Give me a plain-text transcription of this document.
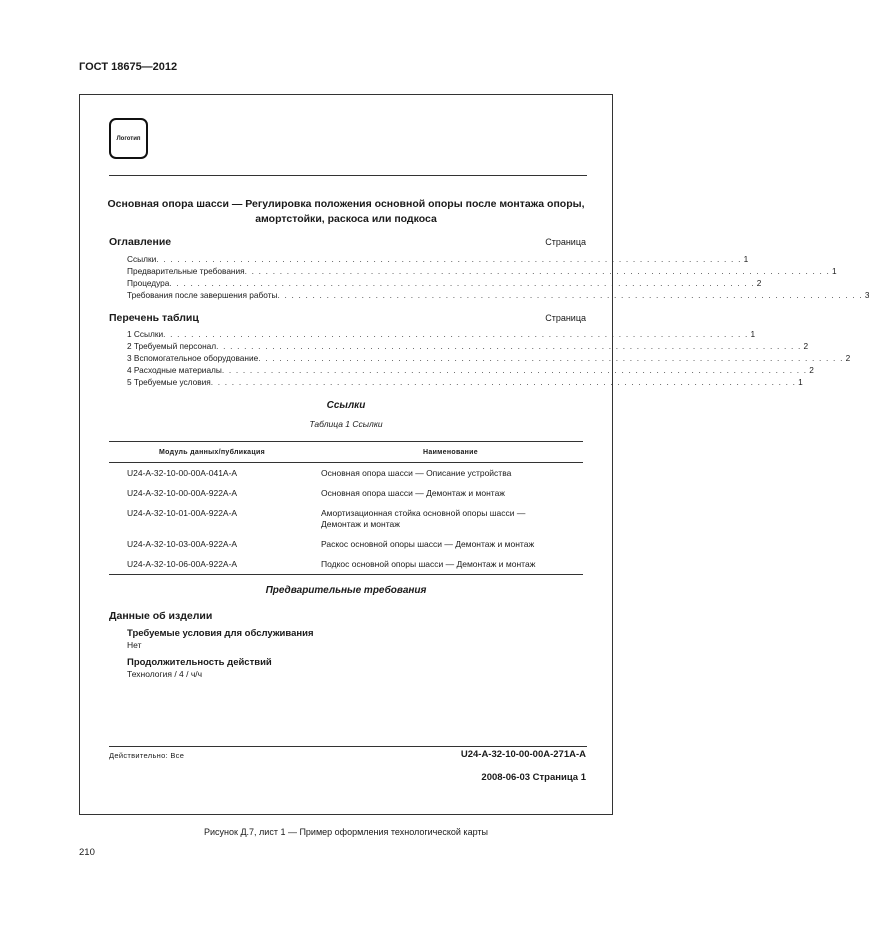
ГОСТ 18675—2012
Логотип
Основная опора шасси — Регулировка положения основной опоры после монтажа опоры,
амортстойки, раскоса или подкоса
Оглавление	Страница
Ссылки . . . . . . . . . . . . . . . . . . . . . . . . . . . . . . . . . . . . . . . . . . . . . . . . . . . . . . . . . . . . . . . . . . . . . . . . . . . . . . . . . . . . 1
Предварительные требования . . . . . . . . . . . . . . . . . . . . . . . . . . . . . . . . . . . . . . . . . . . . . . . . . . . . . . . . . . . . . . . . . . . . . . . . . . . . . . . . . . . . 1
Процедура . . . . . . . . . . . . . . . . . . . . . . . . . . . . . . . . . . . . . . . . . . . . . . . . . . . . . . . . . . . . . . . . . . . . . . . . . . . . . . . . . . . . 2
Требования после завершения работы . . . . . . . . . . . . . . . . . . . . . . . . . . . . . . . . . . . . . . . . . . . . . . . . . . . . . . . . . . . . . . . . . . . . . . . . . . . . . . . . . . . . 3
Перечень таблиц	Страница
1 Ссылки . . . . . . . . . . . . . . . . . . . . . . . . . . . . . . . . . . . . . . . . . . . . . . . . . . . . . . . . . . . . . . . . . . . . . . . . . . . . . . . . . . . . 1
2 Требуемый персонал . . . . . . . . . . . . . . . . . . . . . . . . . . . . . . . . . . . . . . . . . . . . . . . . . . . . . . . . . . . . . . . . . . . . . . . . . . . . . . . . . . . . 2
3 Вспомогательное оборудование . . . . . . . . . . . . . . . . . . . . . . . . . . . . . . . . . . . . . . . . . . . . . . . . . . . . . . . . . . . . . . . . . . . . . . . . . . . . . . . . . . . . 2
4 Расходные материалы . . . . . . . . . . . . . . . . . . . . . . . . . . . . . . . . . . . . . . . . . . . . . . . . . . . . . . . . . . . . . . . . . . . . . . . . . . . . . . . . . . . . 2
5 Требуемые условия . . . . . . . . . . . . . . . . . . . . . . . . . . . . . . . . . . . . . . . . . . . . . . . . . . . . . . . . . . . . . . . . . . . . . . . . . . . . . . . . . . . . 1
Ссылки
Таблица 1 Ссылки
Модуль данных/публикация	Наименование
U24-A-32-10-00-00A-041A-A	Основная опора шасси — Описание устройства
U24-A-32-10-00-00A-922A-A	Основная опора шасси — Демонтаж и монтаж
U24-A-32-10-01-00A-922A-A	Амортизационная стойка основной опоры шасси —
Демонтаж и монтаж
U24-A-32-10-03-00A-922A-A	Раскос основной опоры шасси — Демонтаж и монтаж
U24-A-32-10-06-00A-922A-A	Подкос основной опоры шасси — Демонтаж и монтаж
Предварительные требования
Данные об изделии
Требуемые условия для обслуживания
Нет
Продолжительность действий
Технология / 4 / ч/ч
Действительно: Все	U24-A-32-10-00-00A-271A-A
2008-06-03 Страница 1
Рисунок Д.7, лист 1 — Пример оформления технологической карты
210
